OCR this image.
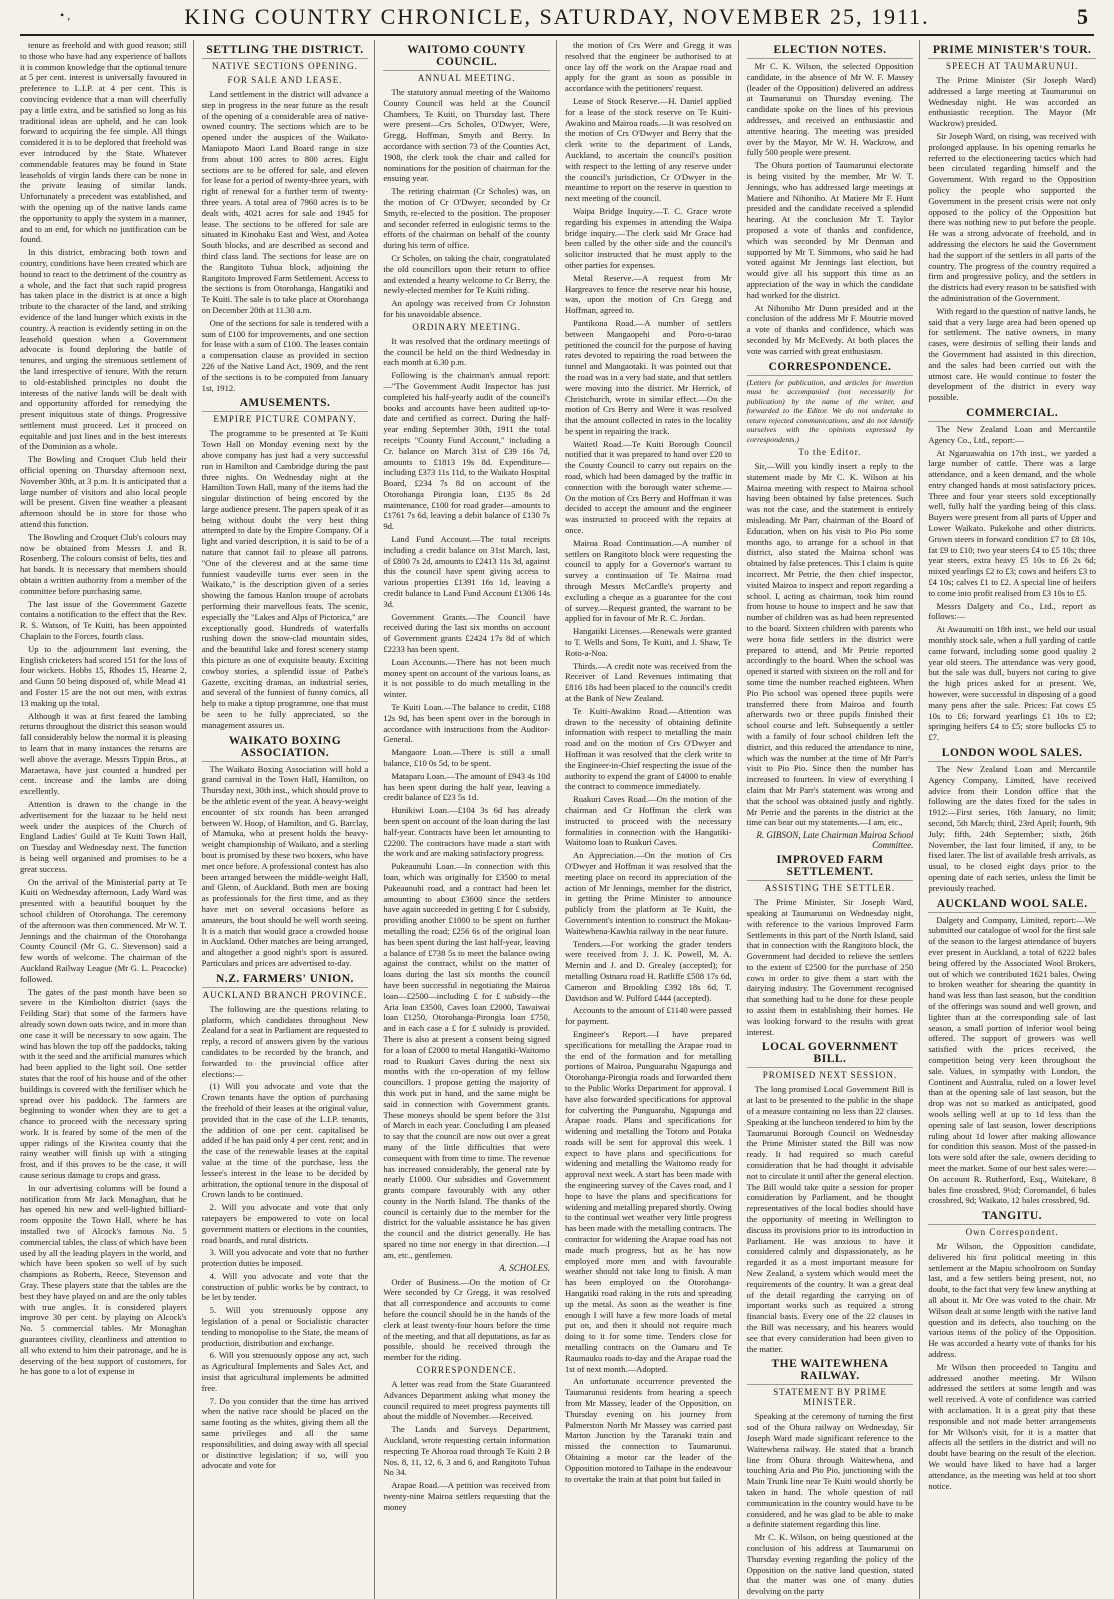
• ,	KING COUNTRY CHRONICLE, SATURDAY, NOVEMBER 25, 1911.	5
tenure as freehold and with good reason; still to those who have had any experience of ballots it is common knowledge that the optional tenure at 5 per cent. interest is universally favoured in preference to L.I.P. at 4 per cent. This is convincing evidence that a man will cheerfully pay a little extra, and be satisfied so long as his traditional ideas are upheld, and he can look forward to acquiring the fee simple. All things considered it is to be deplored that freehold was ever introduced by the State. Whatever commendable features may be found in State leaseholds of virgin lands there can be none in the private leasing of similar lands. Unfortunately a precedent was established, and with the opening up of the native lands came the opportunity to apply the system in a manner, and to an end, for which no justification can be found.
In this district, embracing both town and country, conditions have been created which are bound to react to the detriment of the country as a whole, and the fact that such rapid progress has taken place in the district is at once a high tribute to the character of the land, and striking evidence of the land hunger which exists in the country. A reaction is evidently setting in on the leasehold question when a Government advocate is found deploring the battle of tenures, and urging the strenuous settlement of the land irrespective of tenure. With the return to old-established principles no doubt the interests of the native lands will be dealt with and opportunity afforded for remedying the present iniquitous state of things. Progressive settlement must proceed. Let it proceed on equitable and just lines and in the best interests of the Dominion as a whole.
The Bowling and Croquet Club held their official opening on Thursday afternoon next, November 30th, at 3 p.m. It is anticipated that a large number of visitors and also local people will be present. Given fine weather a pleasant afternoon should be in store for those who attend this function.
The Bowling and Croquet Club's colours may now be obtained from Messrs J. and B. Rosenberg. The colours consist of belts, ties and hat bands. It is necessary that members should obtain a written authority from a member of the committee before purchasing same.
The last issue of the Government Gazette contains a notification to the effect that the Rev. R. S. Watson, of Te Kuiti, has been appointed Chaplain to the Forces, fourth class.
Up to the adjournment last evening, the English cricketers had scored 151 for the loss of four wickets. Hobbs 15, Rhodes 15, Hearne 2, and Gunn 50 being disposed of, while Mead 41 and Foster 15 are the not out men, with extras 13 making up the total.
Although it was at first feared the lambing returns throughout the district this season would fall considerably below the normal it is pleasing to learn that in many instances the returns are well above the average. Messrs Tippin Bros., at Maraetawa, have just counted a hundred per cent. increase and the lambs are doing excellently.
Attention is drawn to the change in the advertisement for the bazaar to be held next week under the auspices of the Church of England Ladies' Guild at Te Kuiti Town Hall, on Tuesday and Wednesday next. The function is being well organised and promises to be a great success.
On the arrival of the Ministerial party at Te Kuiti on Wednesday afternoon, Lady Ward was presented with a beautiful bouquet by the school children of Otorohanga. The ceremony of the afternoon was then commenced. Mr W. T. Jennings and the chairman of the Otorohanga County Council (Mr G. C. Stevenson) said a few words of welcome. The chairman of the Auckland Railway League (Mr G. L. Peacocke) followed.
The gates of the past month have been so severe in the Kimbolton district (says the Feilding Star) that some of the farmers have already sown down oats twice, and in more than one case it will be necessary to sow again. The wind has blown the top off the paddocks, taking with it the seed and the artificial manures which had been applied to the light soil. One settler states that the roof of his house and of the other buildings is covered with the fertiliser which he spread over his paddock. The farmers are beginning to wonder when they are to get a chance to proceed with the necessary spring work. It is feared by some of the men of the upper ridings of the Kiwitea county that the rainy weather will finish up with a stinging frost, and if this proves to be the case, it will cause serious damage to crops and grass.
In our advertising columns will be found a notification from Mr Jack Monaghan, that he has opened his new and well-lighted billiard-room opposite the Town Hall, where he has installed two of Alcock's famous No. 5 commercial tables, the class of which have been used by all the leading players in the world, and which have been spoken so well of by such champions as Roberts, Reece, Stevenson and Gray. These players state that the tables are the best they have played on and are the only tables with true angles. It is considered players improve 30 per cent. by playing on Alcock's No. 5 commercial tables. Mr Monaghan guarantees civility, cleanliness and attention to all who extend to him their patronage, and he is deserving of the best support of customers, for he has gone to a lot of expense in
SETTLING THE DISTRICT.
NATIVE SECTIONS OPENING.
FOR SALE AND LEASE.
Land settlement in the district will advance a step in progress in the near future as the result of the opening of a considerable area of native-owned country. The sections which are to be opened under the auspices of the Waikato-Maniapoto Maori Land Board range in size from about 100 acres to 800 acres. Eight sections are to be offered for sale, and eleven for lease for a period of twenty-three years, with right of renewal for a further term of twenty-three years. A total area of 7960 acres is to be dealt with, 4021 acres for sale and 1945 for lease. The sections to be offered for sale are situated in Kinohaku East and West, and Aotea South blocks, and are described as second and third class land. The sections for lease are on the Rangitoto Tuhua block, adjoining the Rangitoto Improved Farm Settlement. Access to the sections is from Otorohanga, Hangatiki and Te Kuiti. The sale is to take place at Otorohanga on December 20th at 11.30 a.m.
One of the sections for sale is tendered with a sum of £100 for improvements, and one section for lease with a sum of £100. The leases contain a compensation clause as provided in section 226 of the Native Land Act, 1909, and the rent of the sections is to be computed from January 1st, 1912.
AMUSEMENTS.
EMPIRE PICTURE COMPANY.
The programme to be presented at Te Kuiti Town Hall on Monday evening next by the above company has just had a very successful run in Hamilton and Cambridge during the past three nights. On Wednesday night at the Hamilton Town Hall, many of the items had the singular distinction of being encored by the large audience present. The papers speak of it as being without doubt the very best thing attempted to date by the Empire Company. Of a light and varied description, it is said to be of a nature that cannot fail to please all patrons. "One of the cleverest and at the same time funniest vaudeville turns ever seen in the Waikato," is the description given of a series showing the famous Hanlon troupe of acrobats performing their marvellous feats. The scenic, especially the "Lakes and Alps of Pictorica," are exceptionally good. Hundreds of waterfalls rushing down the snow-clad mountain sides, and the beautiful lake and forest scenery stamp this picture as one of exquisite beauty. Exciting cowboy stories, a splendid issue of Pathe's Gazette, exciting dramas, an industrial series, and several of the funniest of funny comics, all help to make a tiptop programme, one that must be seen to be fully appreciated, so the management assures us.
WAIKATO BOXING ASSOCIATION.
The Waikato Boxing Association will hold a grand carnival in the Town Hall, Hamilton, on Thursday next, 30th inst., which should prove to be the athletic event of the year. A heavy-weight encounter of six rounds has been arranged between W. Hoop, of Hamilton, and G. Barclay, of Mamuka, who at present holds the heavy-weight championship of Waikato, and a sterling bout is promised by these two boxers, who have met once before. A professional contest has also been arranged between the middle-weight Hall, and Glenn, of Auckland. Both men are boxing as professionals for the first time, and as they have met on several occasions before as amateurs, the bout should be well worth seeing. It is a match that would grace a crowded house in Auckland. Other matches are being arranged, and altogether a good night's sport is assured. Particulars and prices are advertised to-day.
N.Z. FARMERS' UNION.
AUCKLAND BRANCH PROVINCE.
The following are the questions relating to platform, which candidates throughout New Zealand for a seat in Parliament are requested to reply, a record of answers given by the various candidates to be recorded by the branch, and forwarded to the provincial office after elections:—
(1) Will you advocate and vote that the Crown tenants have the option of purchasing the freehold of their leases at the original value, provided that in the case of the L.I.P. tenants, the addition of one per cent. capitalised be added if he has paid only 4 per cent. rent; and in the case of the renewable leases at the capital value at the time of the purchase, less the lessee's interest in the lease to be decided by arbitration, the optional tenure in the disposal of Crown lands to be continued.
2. Will you advocate and vote that only ratepayers be empowered to vote on local government matters or elections in the counties, road boards, and rural districts.
3. Will you advocate and vote that no further protection duties be imposed.
4. Will you advocate and vote that the construction of public works be by contract, to be let by tender.
5. Will you strenuously oppose any legislation of a penal or Socialistic character tending to monopolise to the State, the means of production, distribution and exchange.
6. Will you strenuously oppose any act, such as Agricultural Implements and Sales Act, and insist that agricultural implements be admitted free.
7. Do you consider that the time has arrived when the native race should be placed on the same footing as the whites, giving them all the same privileges and all the same responsibilities, and doing away with all special or distinctive legislation; if so, will you advocate and vote for
WAITOMO COUNTY COUNCIL.
ANNUAL MEETING.
The statutory annual meeting of the Waitomo County Council was held at the Council Chambers, Te Kuiti, on Thursday last. There were present—Crs Scholes, O'Dwyer, Were, Gregg, Hoffman, Smyth and Berry. In accordance with section 73 of the Counties Act, 1908, the clerk took the chair and called for nominations for the position of chairman for the ensuing year.
The retiring chairman (Cr Scholes) was, on the motion of Cr O'Dwyer, seconded by Cr Smyth, re-elected to the position. The proposer and seconder referred in eulogistic terms to the efforts of the chairman on behalf of the county during his term of office.
Cr Scholes, on taking the chair, congratulated the old councillors upon their return to office and extended a hearty welcome to Cr Berry, the newly-elected member for Te Kuiti riding.
An apology was received from Cr Johnston for his unavoidable absence.
ORDINARY MEETING.
It was resolved that the ordinary meetings of the council be held on the third Wednesday in each month at 6.30 p.m.
Following is the chairman's annual report:—"The Government Audit Inspector has just completed his half-yearly audit of the council's books and accounts have been audited up-to-date and certified as correct. During the half-year ending September 30th, 1911 the total receipts "County Fund Account," including a Cr. balance on March 31st of £39 16s 7d, amounts to £1813 19s 8d. Expenditure—including £373 11s 11d, to the Waikato Hospital Board, £234 7s 8d on account of the Otorohanga Pirongia loan, £135 8s 2d maintenance, £100 for road grader—amounts to £1761 7s 6d, leaving a debit balance of £130 7s 9d.
Land Fund Account.—The total receipts including a credit balance on 31st March, last, of £800 7s 2d, amounts to £2413 11s 3d, against this the council have spent giving access to various properties £1391 16s 1d, leaving a credit balance to Land Fund Account £1306 14s 3d.
Government Grants.—The Council have received during the last six months on account of Government grants £2424 17s 8d of which £2233 has been spent.
Loan Accounts.—There has not been much money spent on account of the various loans, as it is not possible to do much metalling in the winter.
Te Kuiti Loan.—The balance to credit, £188 12s 9d, has been spent over in the borough in accordance with instructions from the Auditor-General.
Mangaore Loan.—There is still a small balance, £10 0s 5d, to be spent.
Mataparu Loan.—The amount of £943 4s 10d has been spent during the half year, leaving a credit balance of £23 5s 1d.
Hunikiwi Loan.—£104 3s 6d has already been spent on account of the loan during the last half-year. Contracts have been let amounting to £2200. The contractors have made a start with the work and are making satisfactory progress.
Pukeaunuhi Loan.—In connection with this loan, which was originally for £3500 to metal Pukeaunuhi road, and a contract had been let amounting to about £3600 since the settlers have again succeeded in getting £ for £ subsidy, providing another £1000 to be spent on further metalling the road; £256 6s of the original loan has been spent during the last half-year, leaving a balance of £738 5s to meet the balance owing against the contract, whilst on the matter of loans during the last six months the council have been successful in negotiating the Mairoa loan—£2500—including £ for £ subsidy—the Aria loan £3500, Caves loan £2000, Tawaiwai loan £1250, Otorohanga-Pirongia loan £750, and in each case a £ for £ subsidy is provided. There is also at present a consent being signed for a loan of £2000 to metal Hangatiki-Waitomo road to Ruakuri Caves during the next six months with the co-operation of my fellow councillors. I propose getting the majority of this work put in hand, and the same might be said in connection with Government grants. These moneys should be spent before the 31st of March in each year. Concluding I am pleased to say that the council are now out over a great many of the little difficulties that were consequent with from time to time. The revenue has increased considerably, the general rate by nearly £1000. Our subsidies and Government grants compare favourably with any other county in the North Island. The thanks of the council is certainly due to the member for the district for the valuable assistance he has given the council and the district generally. He has spared no time nor energy in that direction.—I am, etc., gentlemen.
A. SCHOLES.
Order of Business.—On the motion of Cr Were seconded by Cr Gregg, it was resolved that all correspondence and accounts to come before the council should be in the hands of the clerk at least twenty-four hours before the time of the meeting, and that all deputations, as far as possible, should be received through the member for the riding.
CORRESPONDENCE.
A letter was read from the State Guaranteed Advances Department asking what money the council required to meet progress payments till about the middle of November.—Received.
The Lands and Surveys Department, Auckland, wrote requesting certain information respecting Te Ahoroa road through Te Kuiti 2 B Nos. 8, 11, 12, 6, 3 and 6, and Rangitoto Tuhua No 34.
Arapae Road.—A petition was received from twenty-nine Mairoa settlers requesting that the money
the motion of Crs Were and Gregg it was resolved that the engineer be authorised to at once lay off the work on the Arapae road and apply for the grant as soon as possible in accordance with the petitioners' request.
Lease of Stock Reserve.—H. Daniel applied for a lease of the stock reserve on Te Kuiti-Awakino and Mairoa roads.—It was resolved on the motion of Crs O'Dwyer and Berry that the clerk write to the department of Lands, Auckland, to ascertain the council's position with respect to the letting of any reserve under the council's jurisdiction, Cr O'Dwyer in the meantime to report on the reserve in question to next meeting of the council.
Waipa Bridge Inquiry.—T. C. Grace wrote regarding his expenses in attending the Waipa bridge inquiry.—The clerk said Mr Grace had been called by the other side and the council's solicitor instructed that he must apply to the other parties for expenses.
Metal Reserve.—A request from Mr Hargreaves to fence the reserve near his house, was, upon the motion of Crs Gregg and Hoffman, agreed to.
Pantikona Road.—A number of settlers between Mangaopehi and Poro-o-tarao petitioned the council for the purpose of having rates devoted to repairing the road between the tunnel and Mangaotaki. It was pointed out that the road was in a very bad state, and that settlers were moving into the district. Mr Herrick, of Christchurch, wrote in similar effect.—On the motion of Crs Berry and Were it was resolved that the amount collected in rates in the locality be spent in repairing the track.
Waitetl Road.—Te Kuiti Borough Council notified that it was prepared to hand over £20 to the County Council to carry out repairs on the road, which had been damaged by the traffic in connection with the borough water scheme.—On the motion of Crs Berry and Hoffman it was decided to accept the amount and the engineer was instructed to proceed with the repairs at once.
Mairoa Road Continuation.—A number of settlers on Rangitoto block were requesting the council to apply for a Governor's warrant to survey a continuation of Te Mairoa road through Messrs McCardle's property and excluding a cheque as a guarantee for the cost of survey.—Request granted, the warrant to be applied for in favour of Mr R. C. Jordan.
Hangatiki Licenses.—Renewals were granted to T. Wells and Sons, Te Kuiti, and J. Shaw, Te Roto-a-Noa.
Thirds.—A credit note was received from the Receiver of Land Revenues intimating that £816 18s had been placed to the council's credit at the Bank of New Zealand.
Te Kuiti-Awakino Road.—Attention was drawn to the necessity of obtaining definite information with respect to metalling the main road and on the motion of Crs O'Dwyer and Hoffman it was resolved that the clerk write to the Engineer-in-Chief respecting the issue of the authority to expend the grant of £4000 to enable the contract to commence immediately.
Ruakuri Caves Road.—On the motion of the chairman and Cr Hoffman the clerk was instructed to proceed with the necessary formalities in connection with the Hangatiki-Waitomo loan to Ruakuri Caves.
An Appreciation.—On the motion of Crs O'Dwyer and Hoffman it was resolved that the meeting place on record its appreciation of the action of Mr Jennings, member for the district, in getting the Prime Minister to announce publicly from the platform at Te Kuiti, the Government's intention to construct the Mokau-Waitewhena-Kawhia railway in the near future.
Tenders.—For working the grader tenders were received from J. J. K. Powell, M. A. Mernin and J. and D. Grealey (accepted); for metalling Ostnaru road H. Ratliffe £508 17s 6d, Cameron and Brookling £392 18s 6d, T. Davidson and W. Pulford £444 (accepted).
Accounts to the amount of £1140 were passed for payment.
Engineer's Report.—I have prepared specifications for metalling the Arapae road to the end of the formation and for metalling portions of Mairoa, Punguarahu Ngapunga and Otorohanga-Pirongia roads and forwarded them to the Public Works Department for approval. I have also forwarded specifications for approval for culverting the Punguarahu, Ngapunga and Arapae roads. Plans and specifications for widening and metalling the Totoro and Potaka roads will be sent for approval this week. I expect to have plans and specifications for widening and metalling the Waitomo ready for approval next week. A start has been made with the engineering survey of the Caves road, and I hope to have the plans and specifications for widening and metalling prepared shortly. Owing to the continual wet weather very little progress has been made with the metalling contracts. The contractor for widening the Arapae road has not made much progress, but as he has now employed more men and with favourable weather should not take long to finish. A man has been employed on the Otorohanga-Hangatiki road raking in the ruts and spreading up the metal. As soon as the weather is fine enough I will have a few more loads of metal put on, and then it should not require much doing to it for some time. Tenders close for metalling contracts on the Oamaru and Te Raumauku roads to-day and the Arapae road the 1st of next month.—Adopted.
An unfortunate occurrence prevented the Taumarunui residents from hearing a speech from Mr Massey, leader of the Opposition, on Thursday evening on his journey from Palmerston North Mr Massey was carried past Marton Junction by the Taranaki train and missed the connection to Taumarunui. Obtaining a motor car the leader of the Opposition motored to Taihape in the endeavour to overtake the train at that point but failed in
ELECTION NOTES.
Mr C. K. Wilson, the selected Opposition candidate, in the absence of Mr W. F. Massey (leader of the Opposition) delivered an address at Taumarunui on Thursday evening. The candidate spoke on the lines of his previous addresses, and received an enthusiastic and attentive hearing. The meeting was presided over by the Mayor, Mr W. H. Wackrow, and fully 500 people were present.
The Ohura portion of Taumarunui electorate is being visited by the member, Mr W. T. Jennings, who has addressed large meetings at Matiere and Nihoniho. At Matiere Mr F. Hunt presided and the candidate received a splendid hearing. At the conclusion Mr T. Taylor proposed a vote of thanks and confidence, which was seconded by Mr Denman and supported by Mr T. Simmons, who said he had voted against Mr Jennings last election, but would give all his support this time as an appreciation of the way in which the candidate had worked for the district.
At Nihoniho Mr Dunn presided and at the conclusion of the address Mr F. Moutrie moved a vote of thanks and confidence, which was seconded by Mr McEvedy. At both places the vote was carried with great enthusiasm.
CORRESPONDENCE.
(Letters for publication, and articles for insertion must be accompanied (not necessarily for publication) by the name of the writer, and forwarded to the Editor. We do not undertake to return rejected communications, and do not identify ourselves with the opinions expressed by correspondents.)
To the Editor.
Sir,—Will you kindly insert a reply to the statement made by Mr C. K. Wilson at his Mairoa meeting with respect to Mairoa school having been obtained by false pretences. Such was not the case, and the statement is entirely misleading. Mr Parr, chairman of the Board of Education, when on his visit to Pio Pio some months ago, to arrange for a school in that district, also stated the Mairoa school was obtained by false pretences. This I claim is quite incorrect. Mr Petrie, the then chief inspector, visited Mairoa to inspect and report regarding a school. I, acting as chairman, took him round from house to house to inspect and he saw that number of children was as had been represented to the board. Sixteen children with parents who were bona fide settlers in the district were prepared to attend, and Mr Petrie reported accordingly to the board. When the school was opened it started with sixteen on the roll and for some time the number reached eighteen. When Pio Pio school was opened three pupils were transferred there from Mairoa and fourth afterwards two or three pupils finished their school course and left. Subsequently a settler with a family of four school children left the district, and this reduced the attendance to nine, which was the number at the time of Mr Parr's visit to Pio Pio. Since then the number has increased to fourteen. In view of everything I claim that Mr Parr's statement was wrong and that the school was obtained justly and rightly. Mr Petrie and the parents in the district at the time can bear out my statements.—I am, etc.,
R. GIBSON, Late Chairman Mairoa School Committee.
IMPROVED FARM SETTLEMENT.
ASSISTING THE SETTLER.
The Prime Minister, Sir Joseph Ward, speaking at Taumarunui on Wednesday night, with reference to the various Improved Farm Settlements in this part of the North Island, said that in connection with the Rangitoto block, the Government had decided to relieve the settlers to the extent of £2500 for the purchase of 250 cows in order to give them a start with the dairying industry. The Government recognised that something had to be done for these people to assist them in establishing their homes. He was looking forward to the results with great interest.
LOCAL GOVERNMENT BILL.
PROMISED NEXT SESSION.
The long promised Local Government Bill is at last to be presented to the public in the shape of a measure containing no less than 22 clauses. Speaking at the luncheon tendered to him by the Taumarunui Borough Council on Wednesday the Prime Minister stated the Bill was now ready. It had required so much careful consideration that he had thought it advisable not to circulate it until after the general election. The Bill would take quite a session for proper consideration by Parliament, and he thought representatives of the local bodies should have the opportunity of meeting in Wellington to discuss its provisions prior to its introduction in Parliament. He was anxious to have it considered calmly and dispassionately, as he regarded it as a most important measure for New Zealand, a system which would meet the requirements of the country. It was a great deal of the detail regarding the carrying on of important works such as required a strong financial basis. Every one of the 22 clauses in the Bill was necessary, and his hearers would see that every consideration had been given to the matter.
THE WAITEWHENA RAILWAY.
STATEMENT BY PRIME MINISTER.
Speaking at the ceremony of turning the first sod of the Ohura railway on Wednesday, Sir Joseph Ward made significant reference to the Waitewhena railway. He stated that a branch line from Ohura through Waitewhena, and touching Aria and Pio Pio, junctioning with the Main Trunk line near Te Kuiti would shortly be taken in hand. The whole question of rail communication in the country would have to be considered, and he was glad to be able to make a definite statement regarding this line.
Mr C. K. Wilson, on being questioned at the conclusion of his address at Taumarunui on Thursday evening regarding the policy of the Opposition on the native land question, stated that the matter was one of many duties devolving on the party
PRIME MINISTER'S TOUR.
SPEECH AT TAUMARUNUI.
The Prime Minister (Sir Joseph Ward) addressed a large meeting at Taumarunui on Wednesday night. He was accorded an enthusiastic reception. The Mayor (Mr Wackrow) presided.
Sir Joseph Ward, on rising, was received with prolonged applause. In his opening remarks he referred to the electioneering tactics which had been circulated regarding himself and the Government. With regard to the Opposition policy the people who supported the Government in the present crisis were not only opposed to the policy of the Opposition but there was nothing new to put before the people. He was a strong advocate of freehold, and in addressing the electors he said the Government had the support of the settlers in all parts of the country. The progress of the country required a firm and progressive policy, and the settlers in the districts had every reason to be satisfied with the administration of the Government.
With regard to the question of native lands, he said that a very large area had been opened up for settlement. The native owners, in many cases, were desirous of selling their lands and the Government had assisted in this direction, and the sales had been carried out with the utmost care. He would continue to foster the development of the district in every way possible.
COMMERCIAL.
The New Zealand Loan and Mercantile Agency Co., Ltd., report:—
At Ngaruawahia on 17th inst., we yarded a large number of cattle. There was a large attendance, and a keen demand, and the whole entry changed hands at most satisfactory prices. Three and four year steers sold exceptionally well, fully half the yarding being of this class. Buyers were present from all parts of Upper and Lower Waikato. Pukekohe and other districts. Grown steers in forward condition £7 to £8 10s, fat £9 to £10; two year steers £4 to £5 10s; three year steers, extra heavy £5 10s to £6 2s 6d; mixed yearlings £2 to £3; cows and heifers £3 to £4 10s; calves £1 to £2. A special line of heifers to come into profit realised from £3 10s to £5.
Messrs Dalgety and Co., Ltd., report as follows:—
At Awaunuiti on 18th inst., we held our usual monthly stock sale, when a full yarding of cattle came forward, including some good quality 2 year old steers. The attendance was very good, but the sale was dull, buyers not caring to give the high prices asked for at present. We, however, were successful in disposing of a good many pens after the sale. Prices: Fat cows £5 10s to £6; forward yearlings £1 10s to £2; springing heifers £4 to £5; store bullocks £5 to £7.
LONDON WOOL SALES.
The New Zealand Loan and Mercantile Agency Company, Limited, have received advice from their London office that the following are the dates fixed for the sales in 1912:—First series, 16th January, no limit; second, 5th March; third, 23rd April; fourth, 9th July; fifth, 24th September; sixth, 26th November, the last four limited, if any, to be fixed later. The list of available fresh arrivals, as usual, to be closed eight days prior to the opening date of each series, unless the limit be previously reached.
AUCKLAND WOOL SALE.
Dalgety and Company, Limited, report:—We submitted our catalogue of wool for the first sale of the season to the largest attendance of buyers ever present in Auckland, a total of 6222 bales being offered by the Associated Wool Brokers, out of which we contributed 1621 bales. Owing to broken weather for shearing the quantity in hand was less than last season, but the condition of the offerings was sound and well grown, and lighter than at the corresponding sale of last season, a small portion of inferior wool being offered. The support of growers was well satisfied with the prices received, the competition being very keen throughout the sale. Values, in sympathy with London, the Continent and Australia, ruled on a lower level than at the opening sale of last season, but the drop was not so marked as anticipated, good wools selling well at up to 1d less than the opening sale of last season, lower descriptions ruling about 1d lower after making allowance for condition this season. Most of the passed-in lots were sold after the sale, owners deciding to meet the market. Some of our best sales were:—On account R. Rutherford, Esq., Waitekare, 8 bales fine crossbred, 9½d; Coromandel, 6 bales crossbred, 9d; Waikato, 12 bales crossbred, 9d.
TANGITU.
Own Correspondent.
Mr Wilson, the Opposition candidate, delivered his first political meeting in this settlement at the Mapiu schoolroom on Sunday last, and a few settlers being present, not, no doubt, to the fact that very few knew anything at all about it. Mr Ore was voted to the chair. Mr Wilson dealt at some length with the native land question and its defects, also touching on the various items of the policy of the Opposition. He was accorded a hearty vote of thanks for his address.
Mr Wilson then proceeded to Tangitu and addressed another meeting. Mr Wilson addressed the settlers at some length and was well received. A vote of confidence was carried with acclamation. It is a great pity that these responsible and not made better arrangements for Mr Wilson's visit, for it is a matter that affects all the settlers in the district and will no doubt have bearing on the result of the election. We would have liked to have had a larger attendance, as the meeting was held at too short notice.
